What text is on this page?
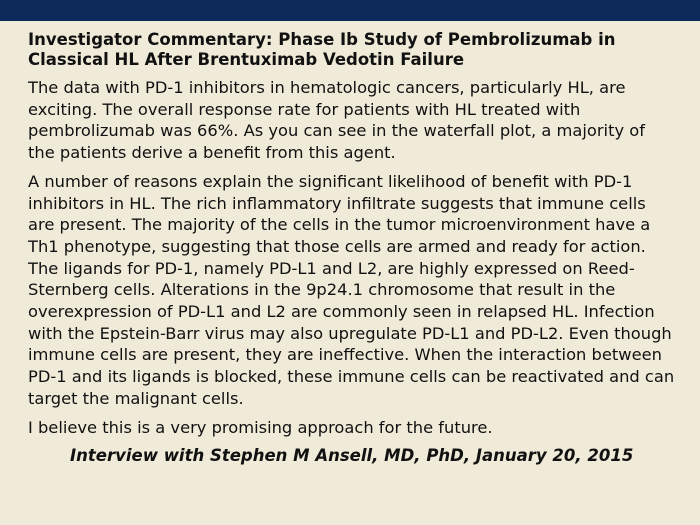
Investigator Commentary: Phase Ib Study of Pembrolizumab in
Classical HL After Brentuximab Vedotin Failure

The data with PD-1 inhibitors in hematologic cancers, particularly HL, are exciting. The overall response rate for patients with HL treated with pembrolizumab was 66%. As you can see in the waterfall plot, a majority of the patients derive a benefit from this agent.

A number of reasons explain the significant likelihood of benefit with PD-1 inhibitors in HL. The rich inflammatory infiltrate suggests that immune cells are present. The majority of the cells in the tumor microenvironment have a Th1 phenotype, suggesting that those cells are armed and ready for action. The ligands for PD-1, namely PD-L1 and L2, are highly expressed on Reed-Sternberg cells. Alterations in the 9p24.1 chromosome that result in the overexpression of PD-L1 and L2 are commonly seen in relapsed HL. Infection with the Epstein-Barr virus may also upregulate PD-L1 and PD-L2. Even though immune cells are present, they are ineffective. When the interaction between PD-1 and its ligands is blocked, these immune cells can be reactivated and can target the malignant cells.

I believe this is a very promising approach for the future.

Interview with Stephen M Ansell, MD, PhD, January 20, 2015
